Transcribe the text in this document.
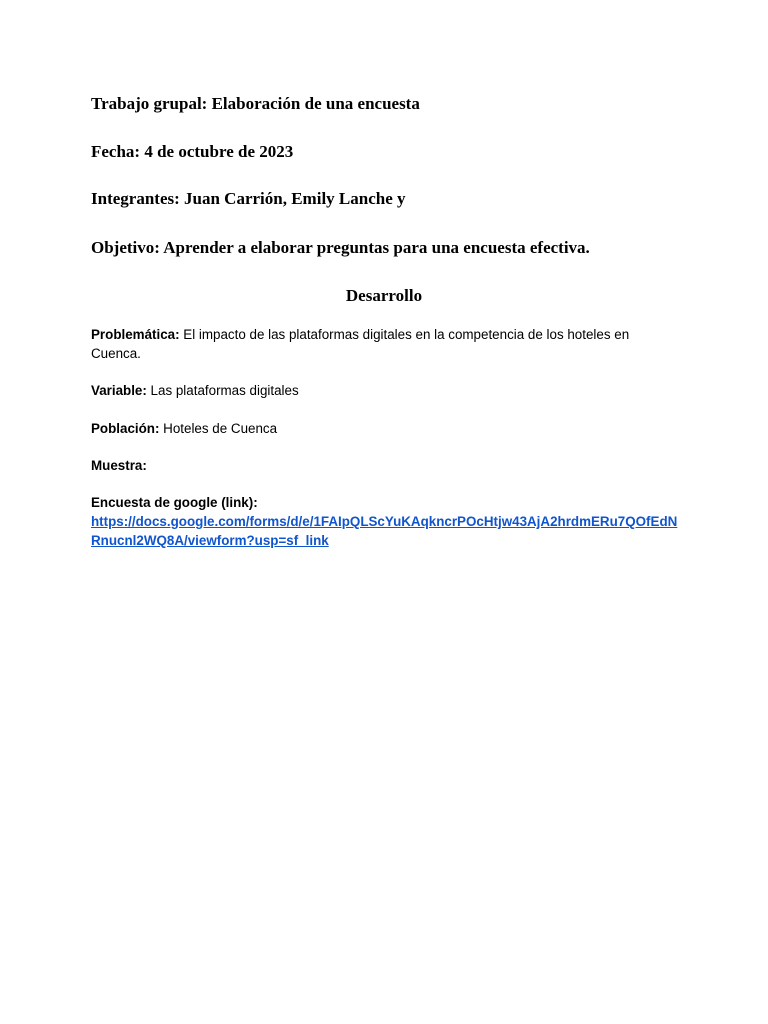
Trabajo grupal: Elaboración de una encuesta
Fecha: 4 de octubre de 2023
Integrantes: Juan Carrión, Emily Lanche y
Objetivo: Aprender a elaborar preguntas para una encuesta efectiva.
Desarrollo
Problemática: El impacto de las plataformas digitales en la competencia de los hoteles en Cuenca.
Variable: Las plataformas digitales
Población: Hoteles de Cuenca
Muestra:
Encuesta de google (link):
https://docs.google.com/forms/d/e/1FAIpQLScYuKAqkncrPOcHtjw43AjA2hrdmERu7QOfEdNRnucnl2WQ8A/viewform?usp=sf_link
